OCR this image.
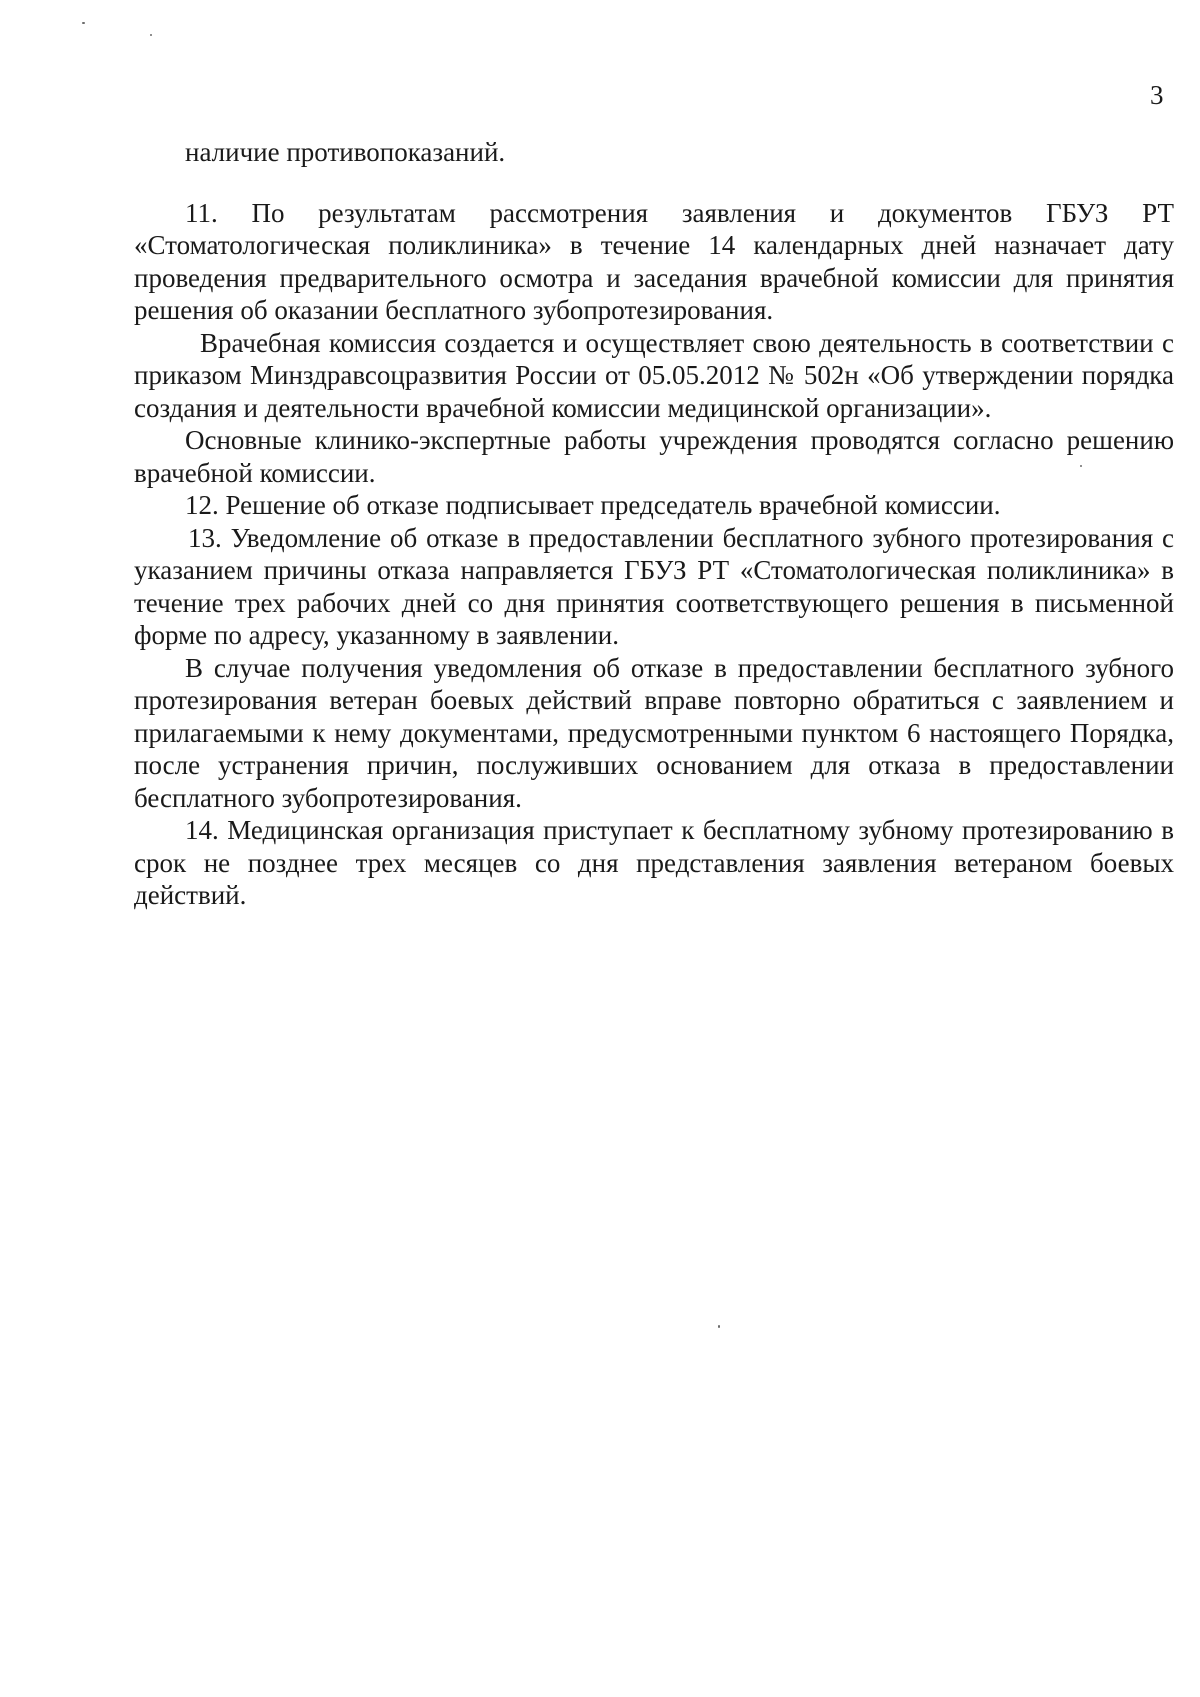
3

наличие противопоказаний.

11. По результатам рассмотрения заявления и документов ГБУЗ РТ «Стоматологическая поликлиника» в течение 14 календарных дней назначает дату проведения предварительного осмотра и заседания врачебной комиссии для принятия решения об оказании бесплатного зубопротезирования.

Врачебная комиссия создается и осуществляет свою деятельность в соответствии с приказом Минздравсоцразвития России от 05.05.2012 № 502н «Об утверждении порядка создания и деятельности врачебной комиссии медицинской организации».

Основные клинико-экспертные работы учреждения проводятся согласно решению врачебной комиссии.

12. Решение об отказе подписывает председатель врачебной комиссии.

13. Уведомление об отказе в предоставлении бесплатного зубного протезирования с указанием причины отказа направляется ГБУЗ РТ «Стоматологическая поликлиника» в течение трех рабочих дней со дня принятия соответствующего решения в письменной форме по адресу, указанному в заявлении.

В случае получения уведомления об отказе в предоставлении бесплатного зубного протезирования ветеран боевых действий вправе повторно обратиться с заявлением и прилагаемыми к нему документами, предусмотренными пунктом 6 настоящего Порядка, после устранения причин, послуживших основанием для отказа в предоставлении бесплатного зубопротезирования.

14. Медицинская организация приступает к бесплатному зубному протезированию в срок не позднее трех месяцев со дня представления заявления ветераном боевых действий.
